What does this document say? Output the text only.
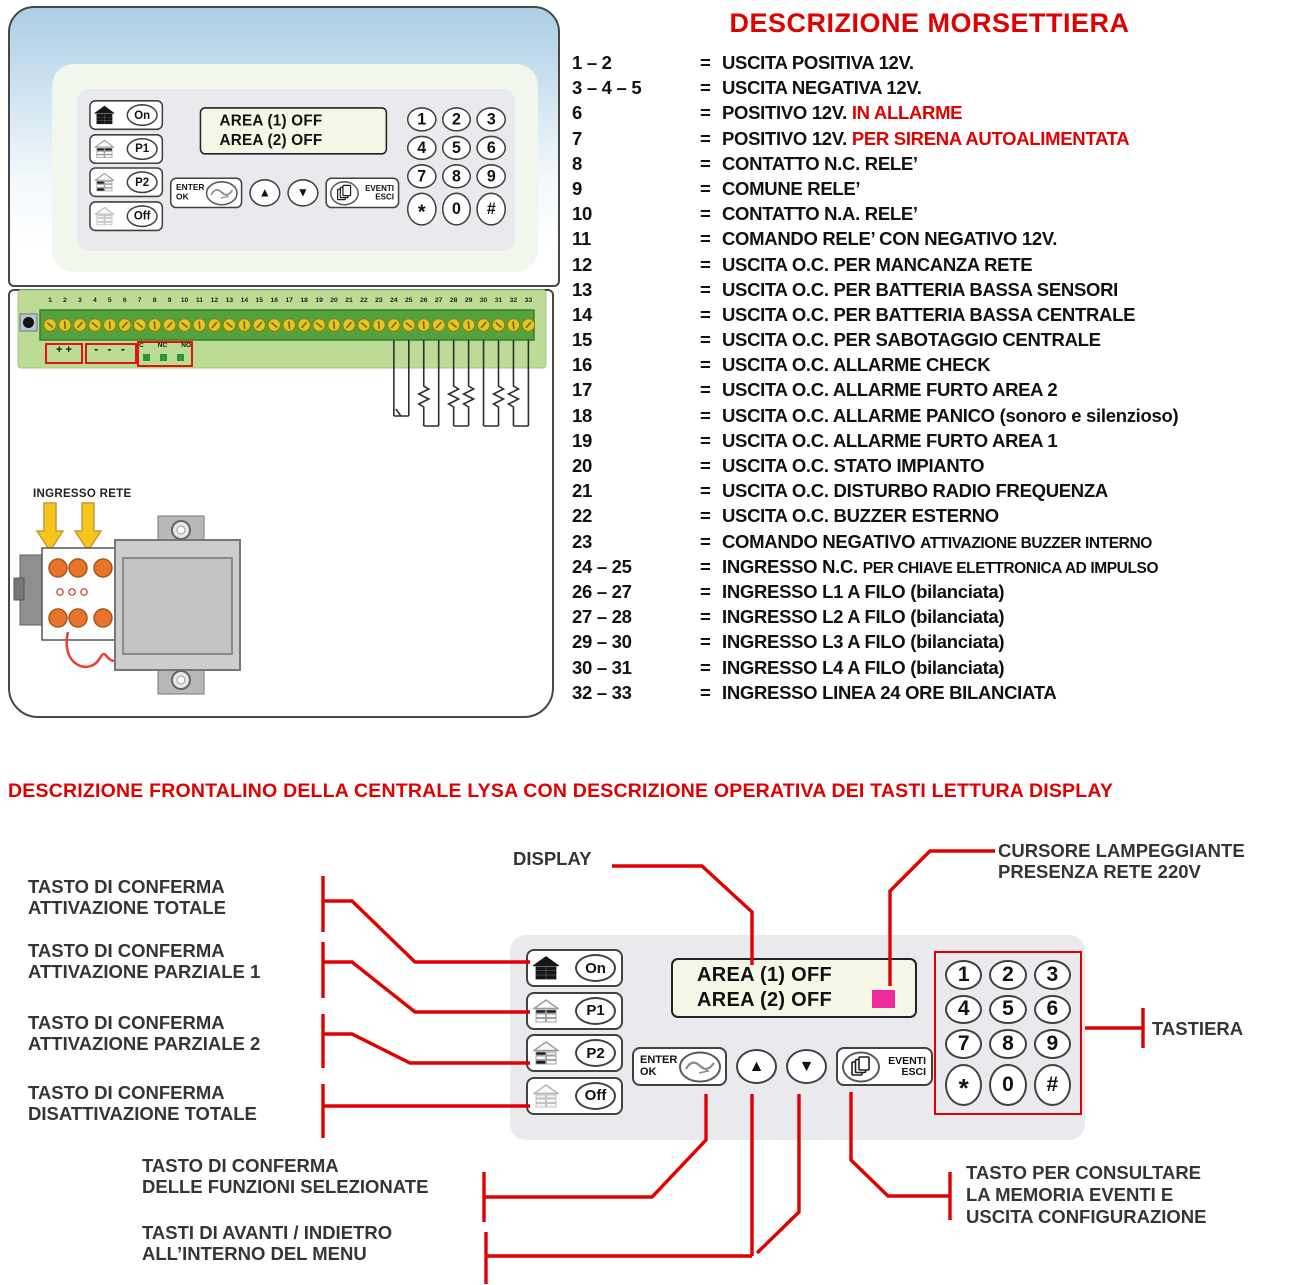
1 2 3 4 5 6 7 8 9 10 11 12 13 14 15 16 17 18 19 20 21 22 23 24 25 26 27 28 29 30 31 32 33
+ +	- - -	C NC NO
INGRESSO RETE
DESCRIZIONE MORSETTIERA
1 – 2	= USCITA POSITIVA 12V.
3 – 4 – 5	= USCITA NEGATIVA 12V.
6	= POSITIVO 12V. IN ALLARME
7	= POSITIVO 12V. PER SIRENA AUTOALIMENTATA
8	= CONTATTO N.C. RELE’
9	= COMUNE RELE’
10	= CONTATTO N.A. RELE’
11	= COMANDO RELE’ CON NEGATIVO 12V.
12	= USCITA O.C. PER MANCANZA RETE
13	= USCITA O.C. PER BATTERIA BASSA SENSORI
14	= USCITA O.C. PER BATTERIA BASSA CENTRALE
15	= USCITA O.C. PER SABOTAGGIO CENTRALE
16	= USCITA O.C. ALLARME CHECK
17	= USCITA O.C. ALLARME FURTO AREA 2
18	= USCITA O.C. ALLARME PANICO (sonoro e silenzioso)
19	= USCITA O.C. ALLARME FURTO AREA 1
20	= USCITA O.C. STATO IMPIANTO
21	= USCITA O.C. DISTURBO RADIO FREQUENZA
22	= USCITA O.C. BUZZER ESTERNO
23	= COMANDO NEGATIVO ATTIVAZIONE BUZZER INTERNO
24 – 25	= INGRESSO N.C. PER CHIAVE ELETTRONICA AD IMPULSO
26 – 27	= INGRESSO L1 A FILO (bilanciata)
27 – 28	= INGRESSO L2 A FILO (bilanciata)
29 – 30	= INGRESSO L3 A FILO (bilanciata)
30 – 31	= INGRESSO L4 A FILO (bilanciata)
32 – 33	= INGRESSO LINEA 24 ORE BILANCIATA
DESCRIZIONE FRONTALINO DELLA CENTRALE LYSA CON DESCRIZIONE OPERATIVA DEI TASTI LETTURA DISPLAY
On
P1
P2
Off
AREA (1) OFF
AREA (2) OFF
ENTER
OK	▲ ▼	EVENTI
ESCI
1	2	3
4	5	6
7	8	9
*	0	#
On
P1
P2
Off
AREA (1) OFF
AREA (2) OFF
ENTER
OK	▲ ▼	EVENTI
ESCI
1	2	3
4	5	6
7	8	9
*	0	#
TASTO DI CONFERMA
ATTIVAZIONE TOTALE
TASTO DI CONFERMA
ATTIVAZIONE PARZIALE 1
TASTO DI CONFERMA
ATTIVAZIONE PARZIALE 2
TASTO DI CONFERMA
DISATTIVAZIONE TOTALE
DISPLAY	CURSORE LAMPEGGIANTE
PRESENZA RETE 220V
TASTIERA
TASTO PER CONSULTARE
LA MEMORIA EVENTI E
USCITA CONFIGURAZIONE
TASTO DI CONFERMA
DELLE FUNZIONI SELEZIONATE
TASTI DI AVANTI / INDIETRO
ALL’INTERNO DEL MENU
